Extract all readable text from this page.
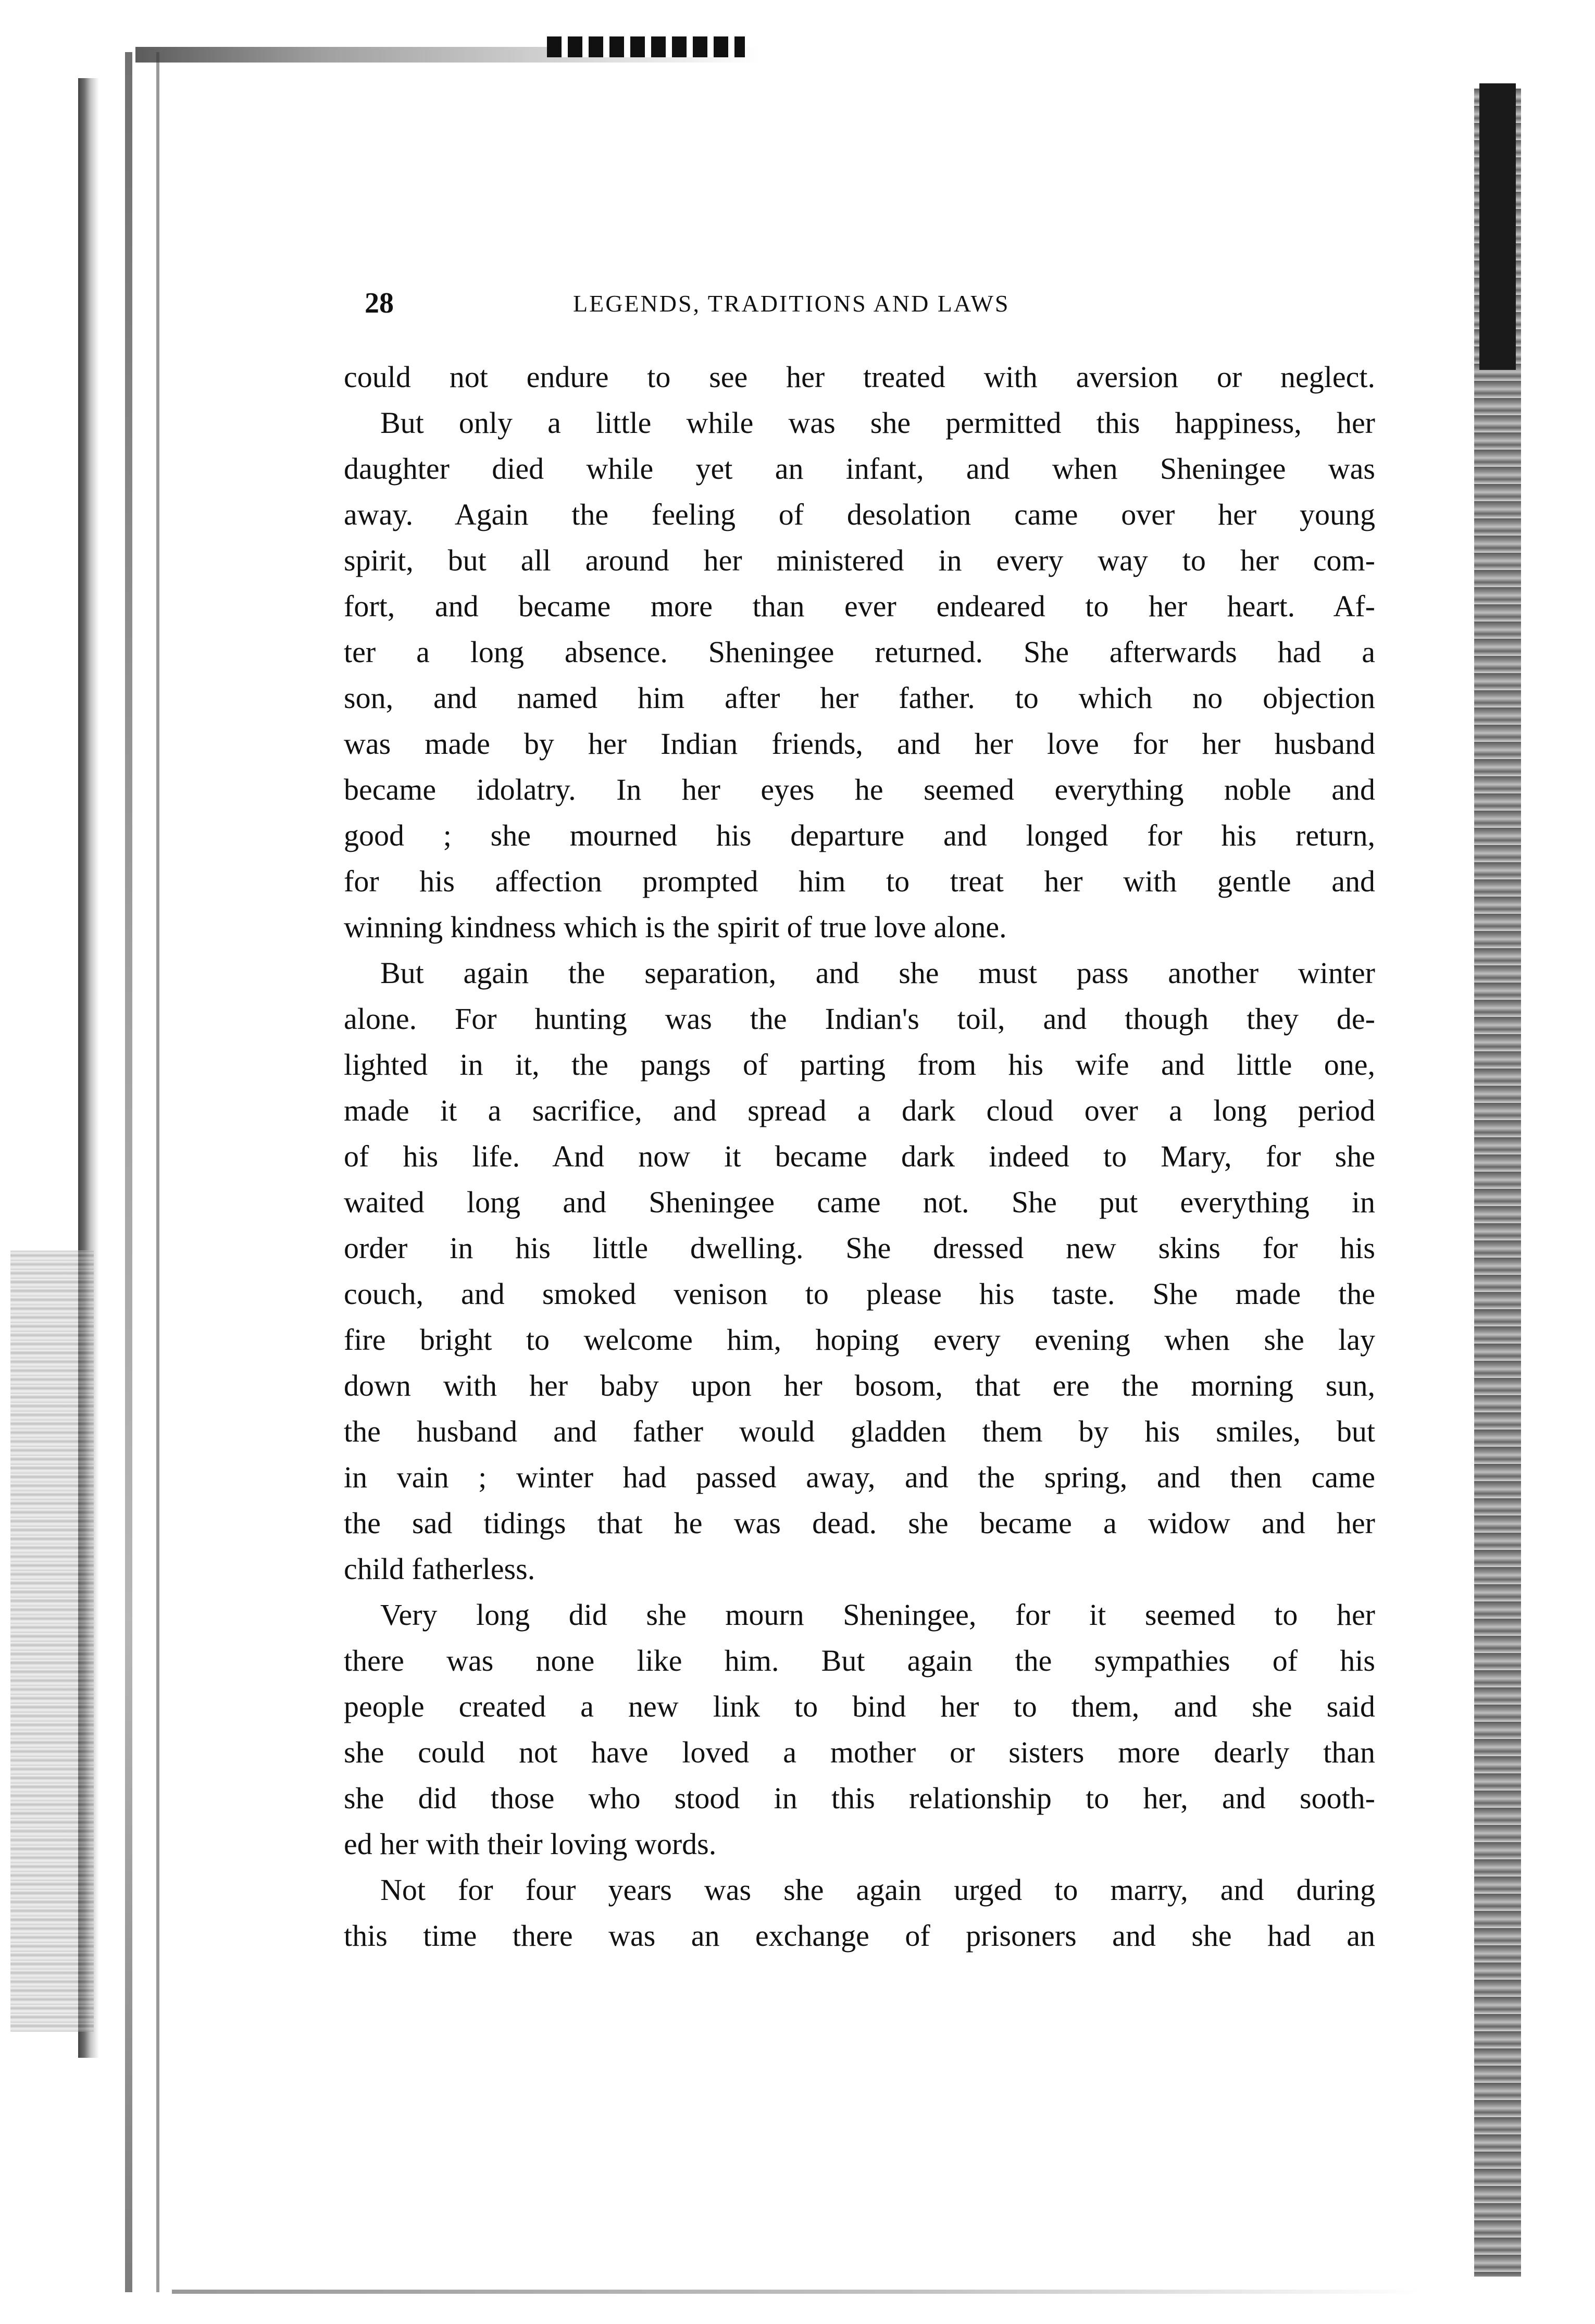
28	LEGENDS, TRADITIONS AND LAWS
could not endure to see her treated with aversion or neglect.
But only a little while was she permitted this happiness, her
daughter died while yet an infant, and when Sheningee was
away. Again the feeling of desolation came over her young
spirit, but all around her ministered in every way to her com-
fort, and became more than ever endeared to her heart. Af-
ter a long absence. Sheningee returned. She afterwards had a
son, and named him after her father. to which no objection
was made by her Indian friends, and her love for her husband
became idolatry. In her eyes he seemed everything noble and
good ; she mourned his departure and longed for his return,
for his affection prompted him to treat her with gentle and
winning kindness which is the spirit of true love alone.
But again the separation, and she must pass another winter
alone. For hunting was the Indian's toil, and though they de-
lighted in it, the pangs of parting from his wife and little one,
made it a sacrifice, and spread a dark cloud over a long period
of his life. And now it became dark indeed to Mary, for she
waited long and Sheningee came not. She put everything in
order in his little dwelling. She dressed new skins for his
couch, and smoked venison to please his taste. She made the
fire bright to welcome him, hoping every evening when she lay
down with her baby upon her bosom, that ere the morning sun,
the husband and father would gladden them by his smiles, but
in vain ; winter had passed away, and the spring, and then came
the sad tidings that he was dead. she became a widow and her
child fatherless.
Very long did she mourn Sheningee, for it seemed to her
there was none like him. But again the sympathies of his
people created a new link to bind her to them, and she said
she could not have loved a mother or sisters more dearly than
she did those who stood in this relationship to her, and sooth-
ed her with their loving words.
Not for four years was she again urged to marry, and during
this time there was an exchange of prisoners and she had an
